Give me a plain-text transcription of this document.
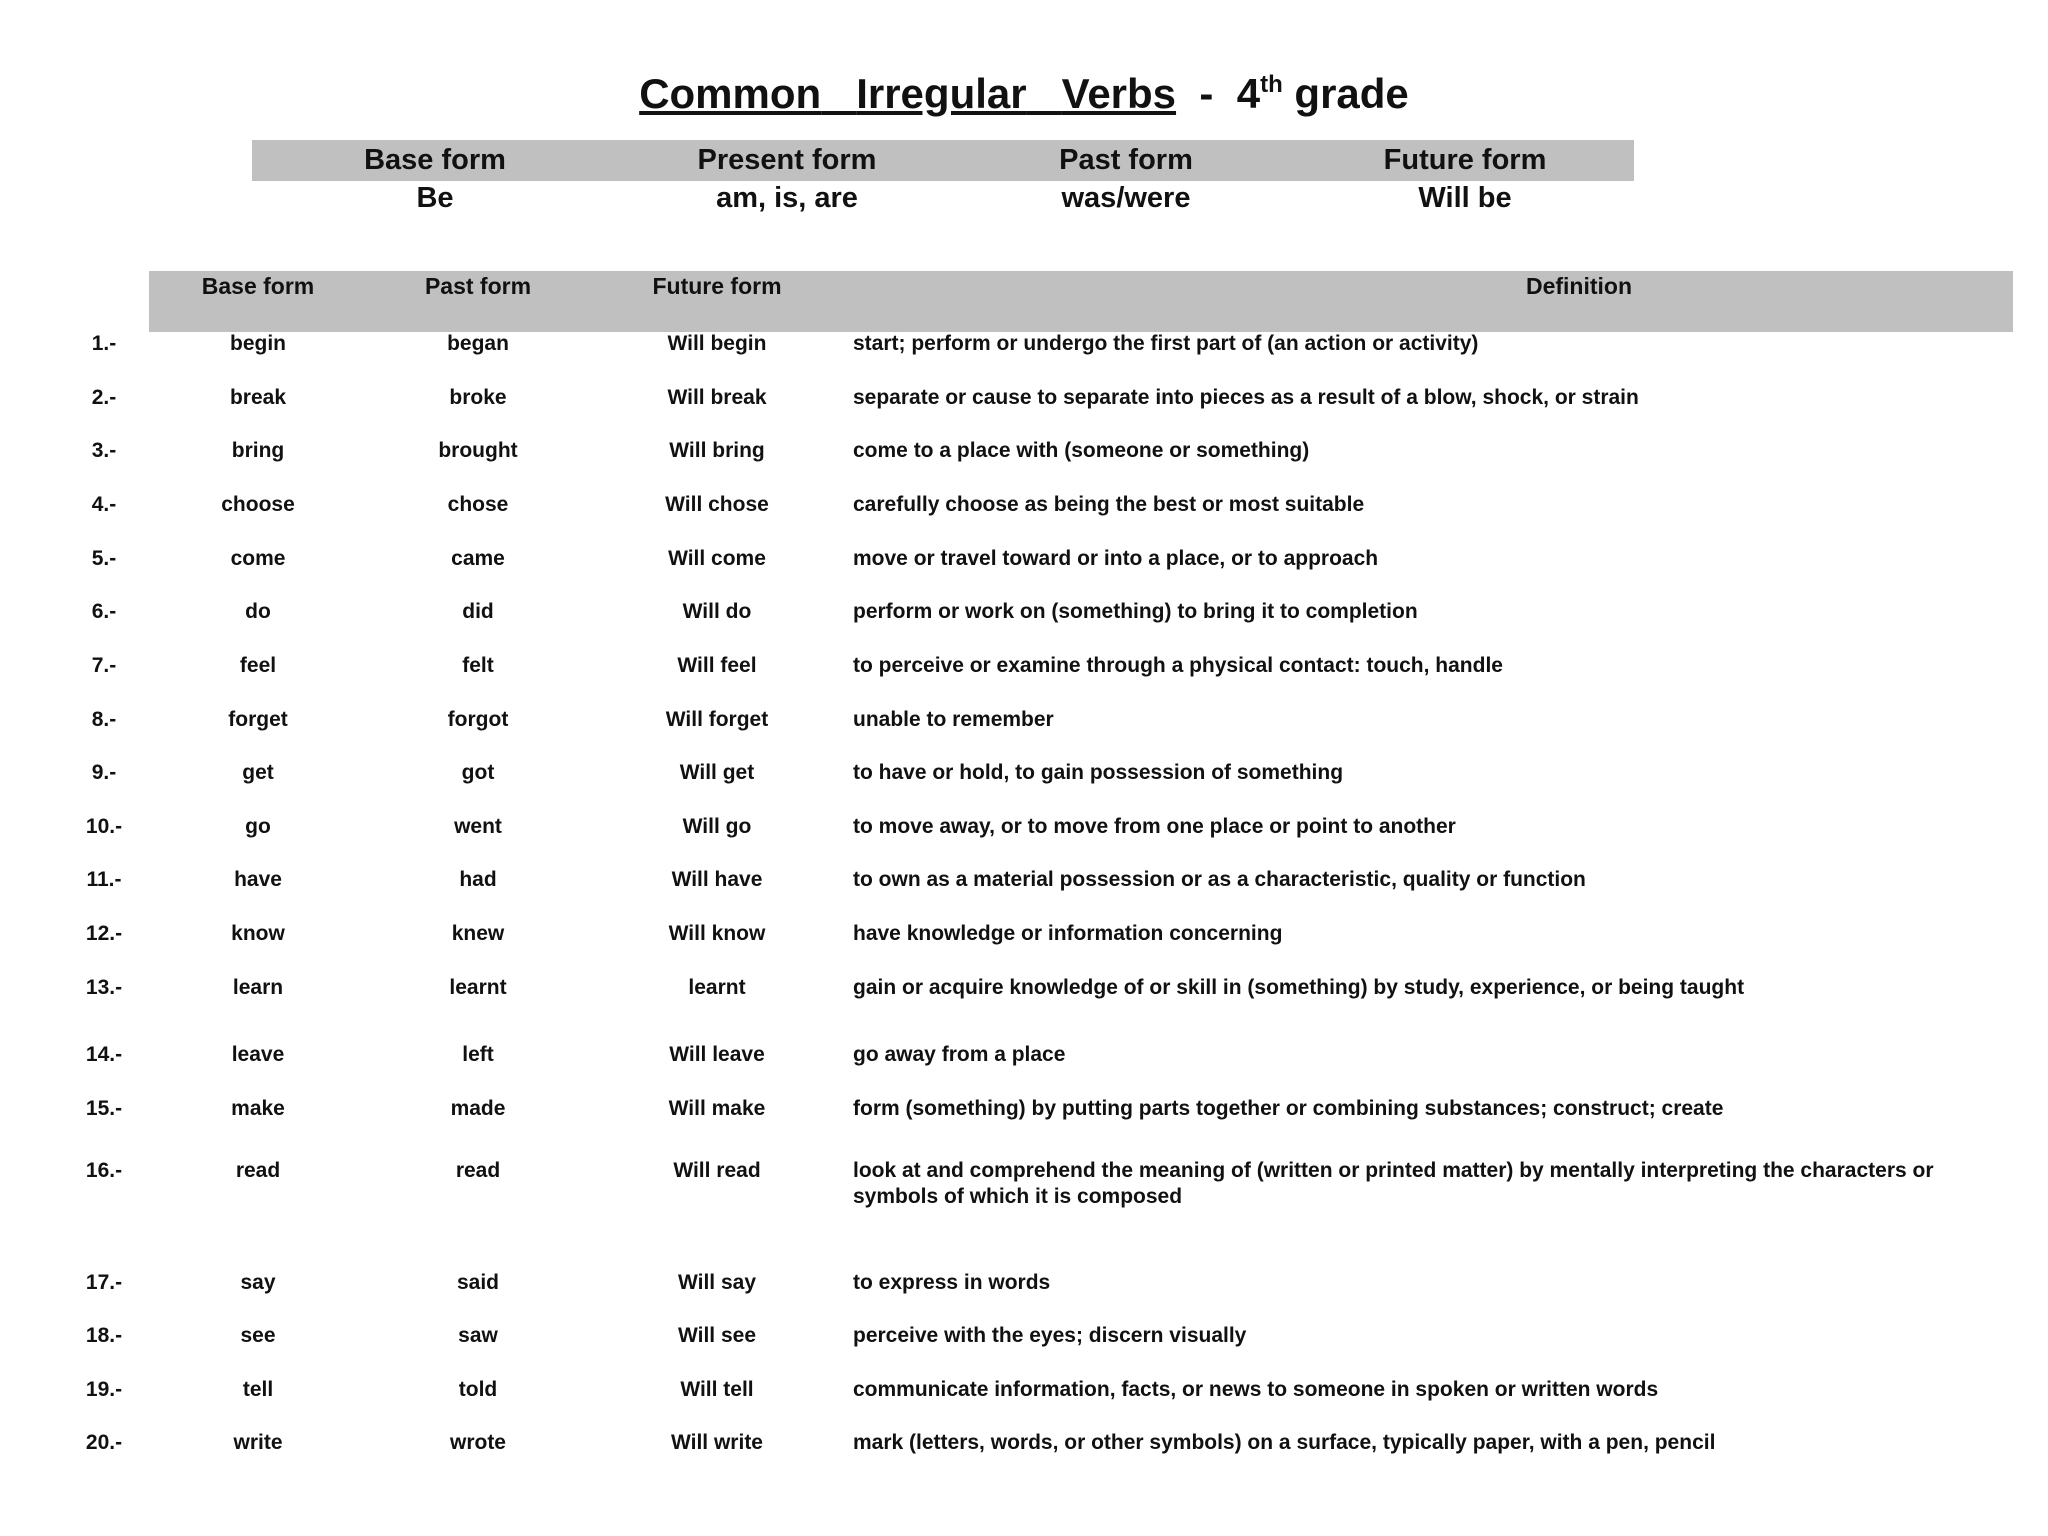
Common Irregular Verbs - 4th grade
Base form	Present form	Past form	Future form
Be	am, is, are	was/were	Will be
Base form	Past form	Future form	Definition
1.-	begin	began	Will begin	start; perform or undergo the first part of (an action or activity)
2.-	break	broke	Will break	separate or cause to separate into pieces as a result of a blow, shock, or strain
3.-	bring	brought	Will bring	come to a place with (someone or something)
4.-	choose	chose	Will chose	carefully choose as being the best or most suitable
5.-	come	came	Will come	move or travel toward or into a place, or to approach
6.-	do	did	Will do	perform or work on (something) to bring it to completion
7.-	feel	felt	Will feel	to perceive or examine through a physical contact: touch, handle
8.-	forget	forgot	Will forget	unable to remember
9.-	get	got	Will get	to have or hold, to gain possession of something
10.-	go	went	Will go	to move away, or to move from one place or point to another
11.-	have	had	Will have	to own as a material possession or as a characteristic, quality or function
12.-	know	knew	Will know	have knowledge or information concerning
13.-	learn	learnt	learnt	gain or acquire knowledge of or skill in (something) by study, experience, or being taught
14.-	leave	left	Will leave	go away from a place
15.-	make	made	Will make	form (something) by putting parts together or combining substances; construct; create
16.-	read	read	Will read	look at and comprehend the meaning of (written or printed matter) by mentally interpreting the characters or symbols of which it is composed
17.-	say	said	Will say	to express in words
18.-	see	saw	Will see	perceive with the eyes; discern visually
19.-	tell	told	Will tell	communicate information, facts, or news to someone in spoken or written words
20.-	write	wrote	Will write	mark (letters, words, or other symbols) on a surface, typically paper, with a pen, pencil
